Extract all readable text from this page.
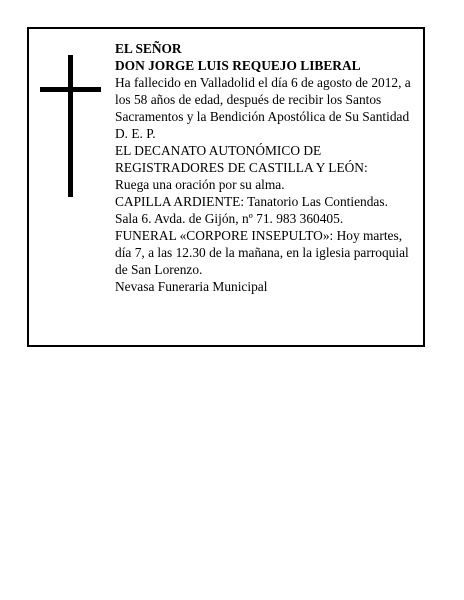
EL SEÑOR
DON JORGE LUIS REQUEJO LIBERAL
Ha fallecido en Valladolid el día 6 de agosto de 2012, a
los 58 años de edad, después de recibir los Santos
Sacramentos y la Bendición Apostólica de Su Santidad
D. E. P.
EL DECANATO AUTONÓMICO DE
REGISTRADORES DE CASTILLA Y LEÓN:
Ruega una oración por su alma.
CAPILLA ARDIENTE: Tanatorio Las Contiendas.
Sala 6. Avda. de Gijón, nº 71. 983 360405.
FUNERAL «CORPORE INSEPULTO»: Hoy martes,
día 7, a las 12.30 de la mañana, en la iglesia parroquial
de San Lorenzo.
Nevasa Funeraria Municipal
